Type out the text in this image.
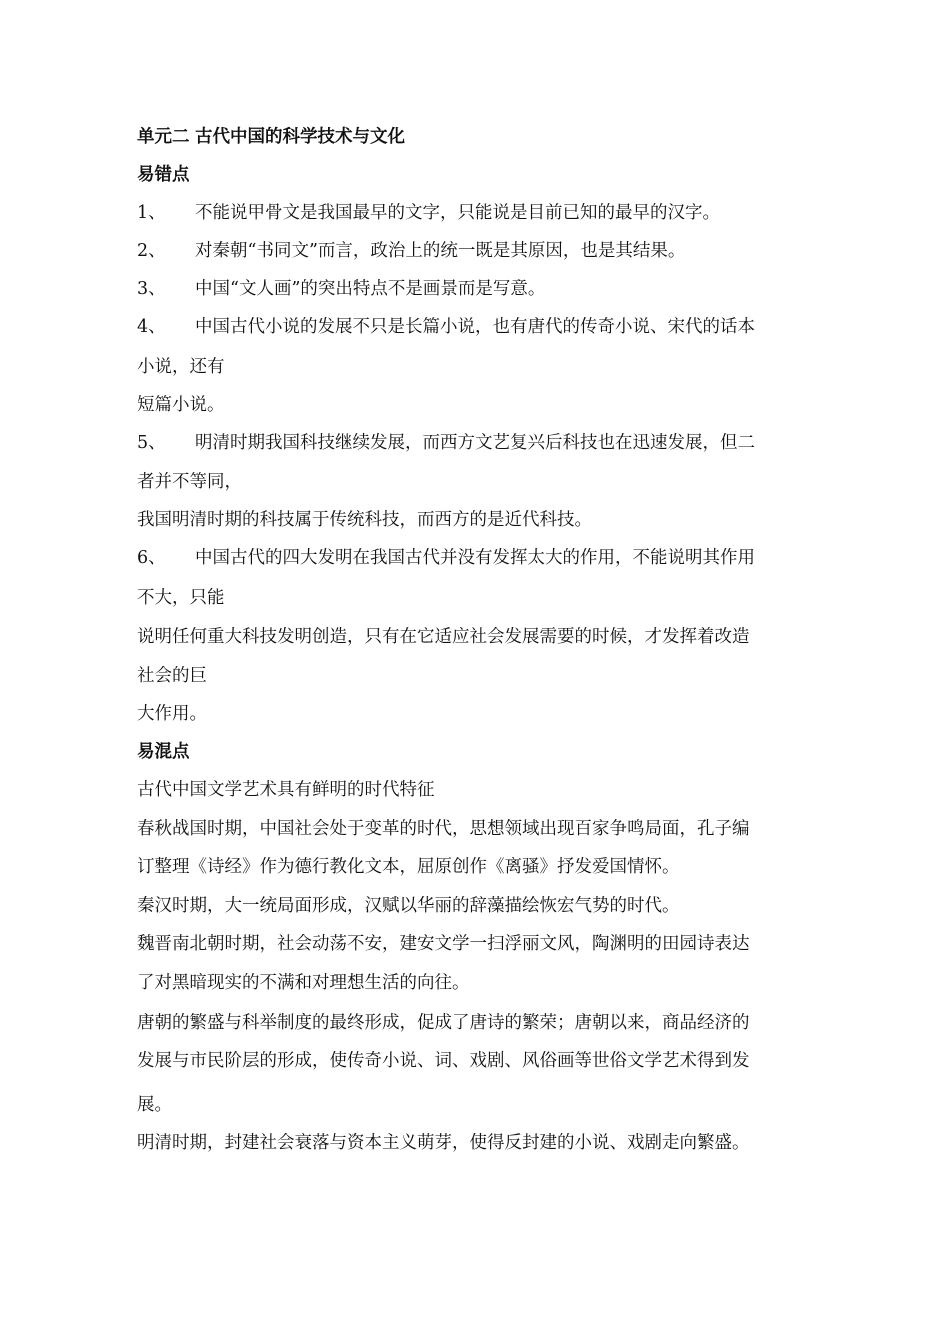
单元二 古代中国的科学技术与文化
易错点
1、 不能说甲骨文是我国最早的文字，只能说是目前已知的最早的汉字。
2、 对秦朝“书同文”而言，政治上的统一既是其原因，也是其结果。
3、 中国“文人画”的突出特点不是画景而是写意。
4、 中国古代小说的发展不只是长篇小说，也有唐代的传奇小说、宋代的话本
小说，还有
短篇小说。
5、 明清时期我国科技继续发展，而西方文艺复兴后科技也在迅速发展，但二
者并不等同，
我国明清时期的科技属于传统科技，而西方的是近代科技。
6、 中国古代的四大发明在我国古代并没有发挥太大的作用，不能说明其作用
不大，只能
说明任何重大科技发明创造，只有在它适应社会发展需要的时候，才发挥着改造
社会的巨
大作用。
易混点
古代中国文学艺术具有鲜明的时代特征
春秋战国时期，中国社会处于变革的时代，思想领域出现百家争鸣局面，孔子编
订整理《诗经》作为德行教化文本，屈原创作《离骚》抒发爱国情怀。
秦汉时期，大一统局面形成，汉赋以华丽的辞藻描绘恢宏气势的时代。
魏晋南北朝时期，社会动荡不安，建安文学一扫浮丽文风，陶渊明的田园诗表达
了对黑暗现实的不满和对理想生活的向往。
唐朝的繁盛与科举制度的最终形成，促成了唐诗的繁荣；唐朝以来，商品经济的
发展与市民阶层的形成，使传奇小说、词、戏剧、风俗画等世俗文学艺术得到发
展。
明清时期，封建社会衰落与资本主义萌芽，使得反封建的小说、戏剧走向繁盛。
